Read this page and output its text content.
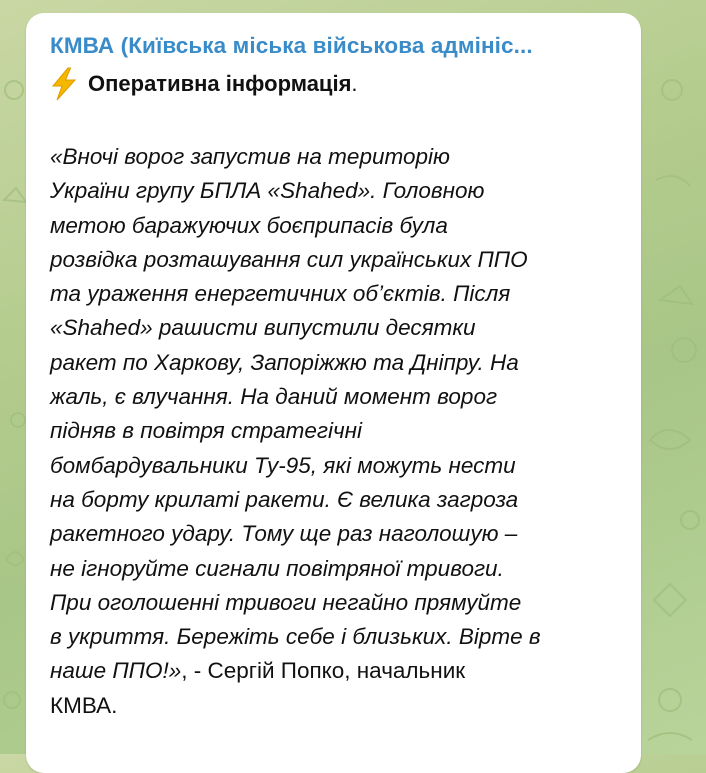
КМВА (Київська міська військова адмініс...
Оперативна інформація .
«Вночі ворог запустив на територію
України групу БПЛА «Shahed». Головною
метою баражуючих боєприпасів була
розвідка розташування сил українських ППО
та ураження енергетичних об’єктів. Після
«Shahed» рашисти випустили десятки
ракет по Харкову, Запоріжжю та Дніпру. На
жаль, є влучання. На даний момент ворог
підняв в повітря стратегічні
бомбардувальники Ту-95, які можуть нести
на борту крилаті ракети. Є велика загроза
ракетного удару. Тому ще раз наголошую –
не ігноруйте сигнали повітряної тривоги.
При оголошенні тривоги негайно прямуйте
в укриття. Бережіть себе і близьких. Вірте в
наше ППО!», - Сергій Попко, начальник
КМВА.
